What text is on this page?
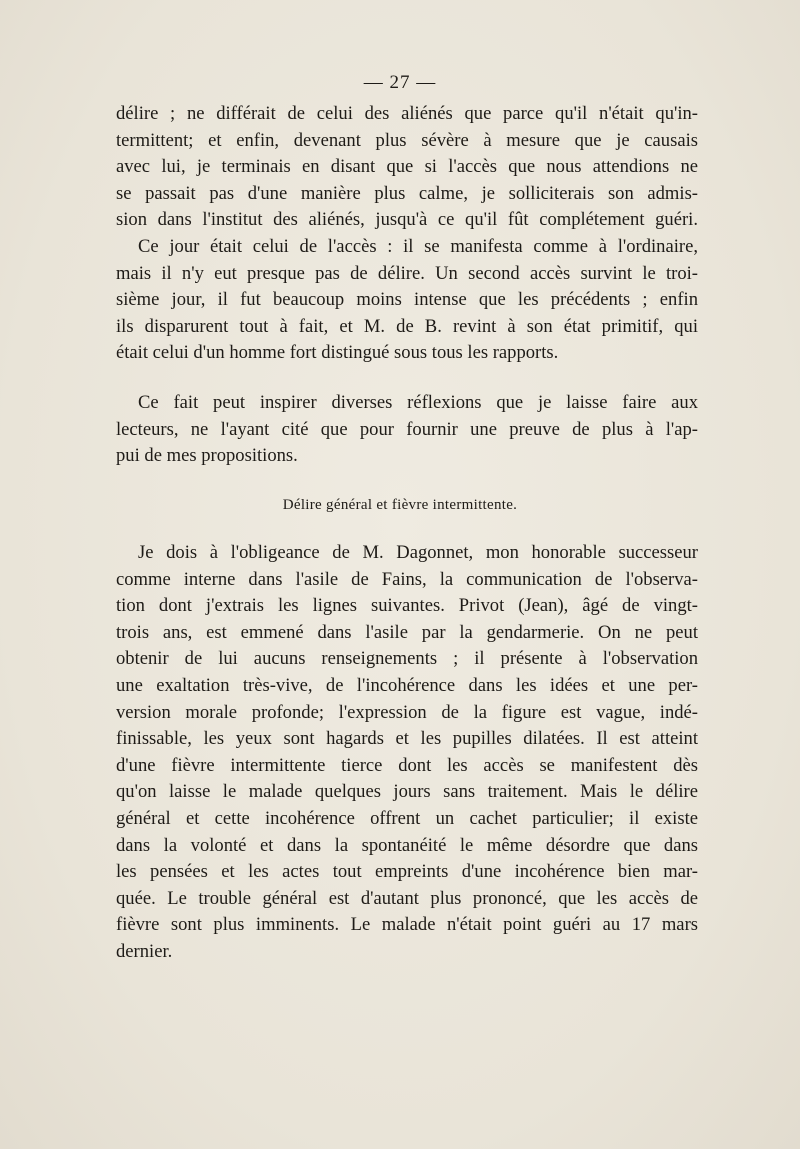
— 27 —
délire ; ne différait de celui des aliénés que parce qu'il n'était qu'in-
termittent; et enfin, devenant plus sévère à mesure que je causais
avec lui, je terminais en disant que si l'accès que nous attendions ne
se passait pas d'une manière plus calme, je solliciterais son admis-
sion dans l'institut des aliénés, jusqu'à ce qu'il fût complétement guéri.
Ce jour était celui de l'accès : il se manifesta comme à l'ordinaire,
mais il n'y eut presque pas de délire. Un second accès survint le troi-
sième jour, il fut beaucoup moins intense que les précédents ; enfin
ils disparurent tout à fait, et M. de B. revint à son état primitif, qui
était celui d'un homme fort distingué sous tous les rapports.
Ce fait peut inspirer diverses réflexions que je laisse faire aux
lecteurs, ne l'ayant cité que pour fournir une preuve de plus à l'ap-
pui de mes propositions.
Délire général et fièvre intermittente.
Je dois à l'obligeance de M. Dagonnet, mon honorable successeur
comme interne dans l'asile de Fains, la communication de l'observa-
tion dont j'extrais les lignes suivantes. Privot (Jean), âgé de vingt-
trois ans, est emmené dans l'asile par la gendarmerie. On ne peut
obtenir de lui aucuns renseignements ; il présente à l'observation
une exaltation très-vive, de l'incohérence dans les idées et une per-
version morale profonde; l'expression de la figure est vague, indé-
finissable, les yeux sont hagards et les pupilles dilatées. Il est atteint
d'une fièvre intermittente tierce dont les accès se manifestent dès
qu'on laisse le malade quelques jours sans traitement. Mais le délire
général et cette incohérence offrent un cachet particulier; il existe
dans la volonté et dans la spontanéité le même désordre que dans
les pensées et les actes tout empreints d'une incohérence bien mar-
quée. Le trouble général est d'autant plus prononcé, que les accès de
fièvre sont plus imminents. Le malade n'était point guéri au 17 mars
dernier.
